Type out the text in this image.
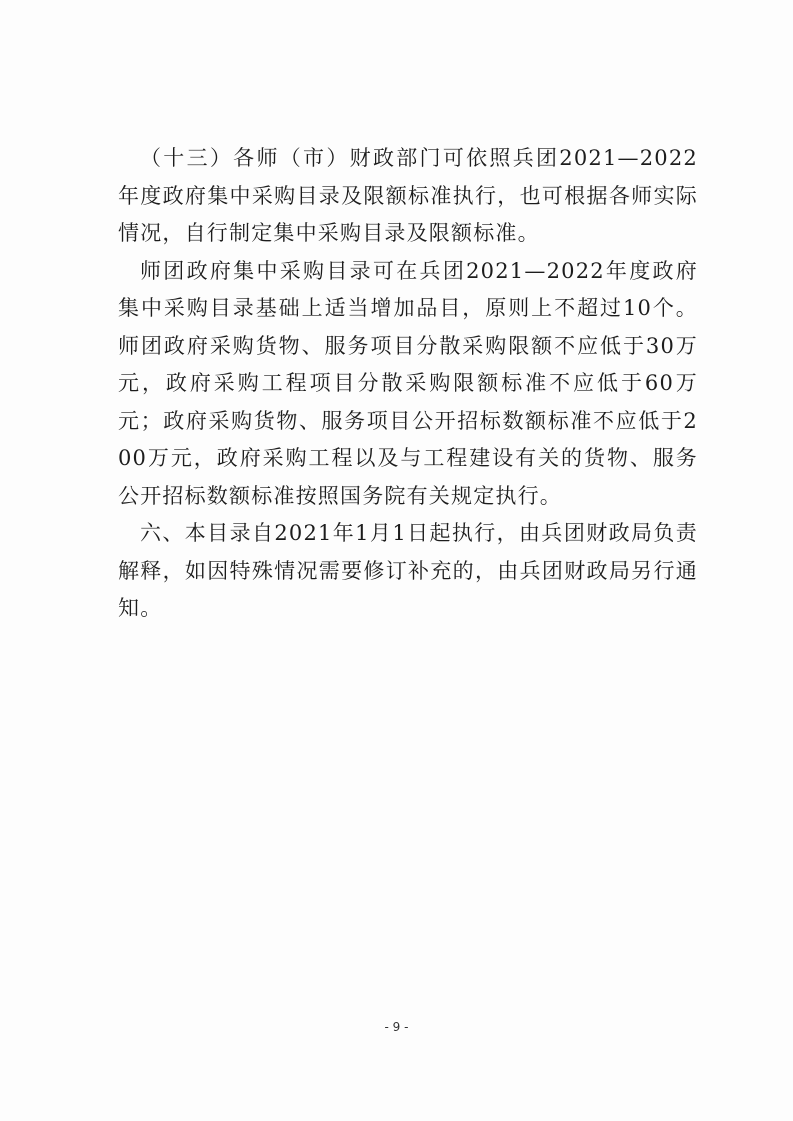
（十三）各师（市）财政部门可依照兵团2021—2022年度政府集中采购目录及限额标准执行，也可根据各师实际情况，自行制定集中采购目录及限额标准。

师团政府集中采购目录可在兵团2021—2022年度政府集中采购目录基础上适当增加品目，原则上不超过10个。师团政府采购货物、服务项目分散采购限额不应低于30万元，政府采购工程项目分散采购限额标准不应低于60万元；政府采购货物、服务项目公开招标数额标准不应低于200万元，政府采购工程以及与工程建设有关的货物、服务公开招标数额标准按照国务院有关规定执行。

六、本目录自2021年1月1日起执行，由兵团财政局负责解释，如因特殊情况需要修订补充的，由兵团财政局另行通知。

- 9 -
